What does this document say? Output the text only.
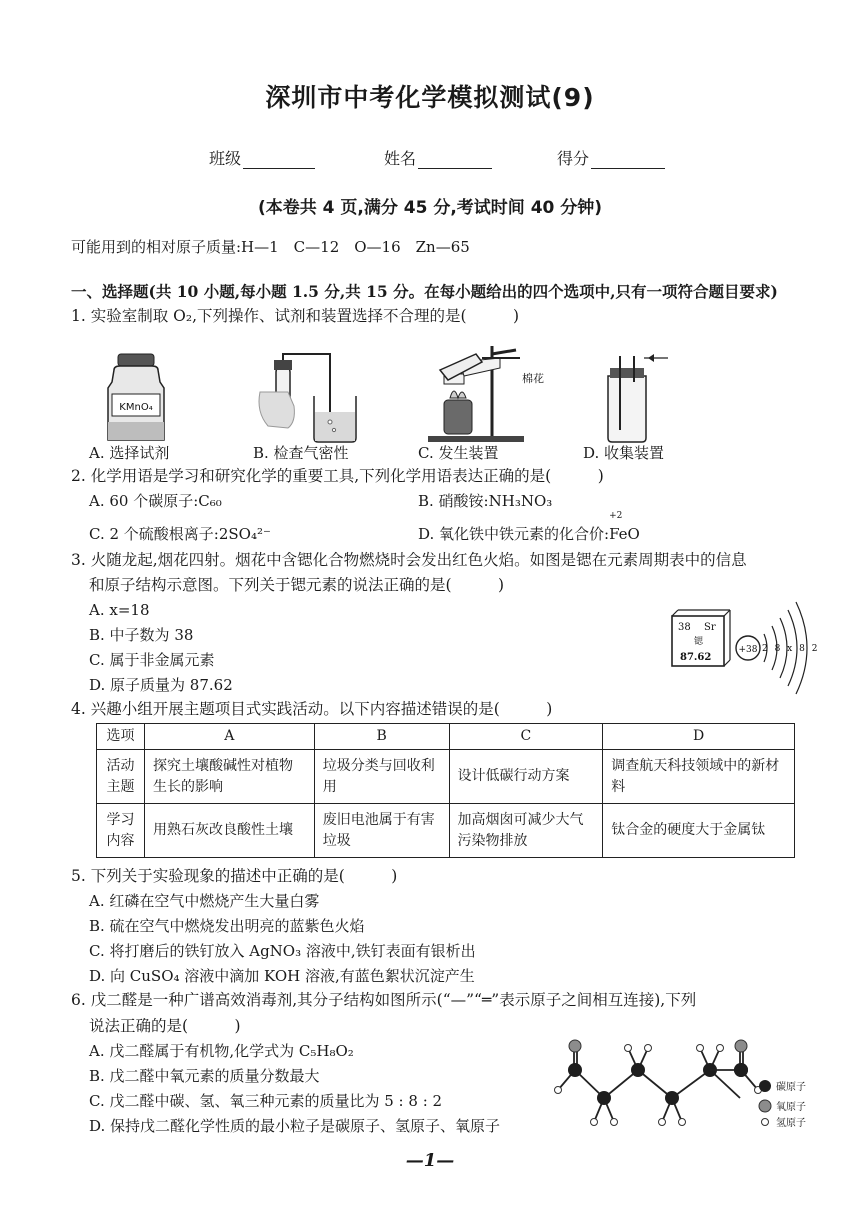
深圳市中考化学模拟测试(9)
班级	姓名	得分
(本卷共 4 页,满分 45 分,考试时间 40 分钟)
可能用到的相对原子质量:H—1　C—12　O—16　Zn—65
一、选择题(共 10 小题,每小题 1.5 分,共 15 分。在每小题给出的四个选项中,只有一项符合题目要求)
1. 实验室制取 O₂,下列操作、试剂和装置选择不合理的是(　　　)
KMnO₄
棉花
A. 选择试剂	B. 检查气密性	C. 发生装置	D. 收集装置
2. 化学用语是学习和研究化学的重要工具,下列化学用语表达正确的是(　　　)
A. 60 个碳原子:C₆₀	B. 硝酸铵:NH₃NO₃
C. 2 个硫酸根离子:2SO₄²⁻	D. 氧化铁中铁元素的化合价:
+2
FeO
3. 火随龙起,烟花四射。烟花中含锶化合物燃烧时会发出红色火焰。如图是锶在元素周期表中的信息
和原子结构示意图。下列关于锶元素的说法正确的是(　　　)
A. x=18
B. 中子数为 38
C. 属于非金属元素
D. 原子质量为 87.62
38 Sr
锶
87.62
+38 2 8 x 8 2
4. 兴趣小组开展主题项目式实践活动。以下内容描述错误的是(　　　)
选项	A	B	C	D
活动
主题	探究土壤酸碱性对植物生长的影响	垃圾分类与回收利用	设计低碳行动方案	调查航天科技领域中的新材料
学习
内容	用熟石灰改良酸性土壤	废旧电池属于有害垃圾	加高烟囱可减少大气污染物排放	钛合金的硬度大于金属钛
5. 下列关于实验现象的描述中正确的是(　　　)
A. 红磷在空气中燃烧产生大量白雾
B. 硫在空气中燃烧发出明亮的蓝紫色火焰
C. 将打磨后的铁钉放入 AgNO₃ 溶液中,铁钉表面有银析出
D. 向 CuSO₄ 溶液中滴加 KOH 溶液,有蓝色絮状沉淀产生
6. 戊二醛是一种广谱高效消毒剂,其分子结构如图所示(“—”“═”表示原子之间相互连接),下列
说法正确的是(　　　)
A. 戊二醛属于有机物,化学式为 C₅H₈O₂
B. 戊二醛中氧元素的质量分数最大
C. 戊二醛中碳、氢、氧三种元素的质量比为 5 : 8 : 2
D. 保持戊二醛化学性质的最小粒子是碳原子、氢原子、氧原子
碳原子
氧原子
氢原子
—1—
